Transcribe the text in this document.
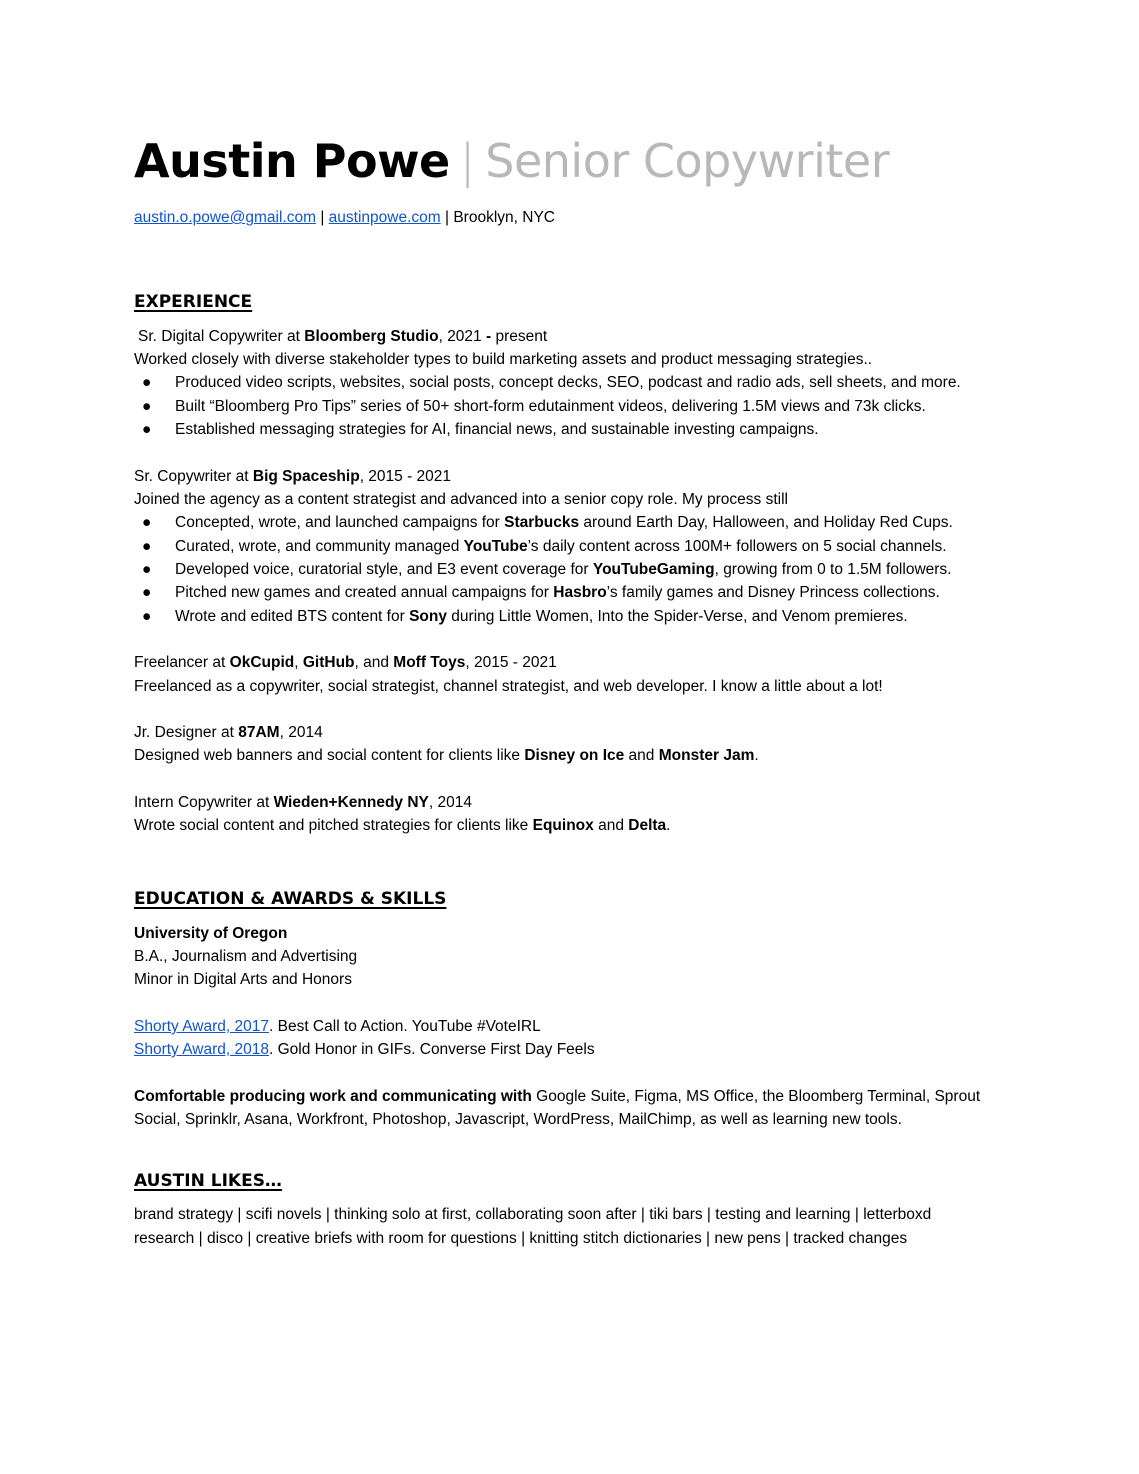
Austin Powe | Senior Copywriter
austin.o.powe@gmail.com | austinpowe.com | Brooklyn, NYC
EXPERIENCE
Sr. Digital Copywriter at Bloomberg Studio, 2021 - present
Worked closely with diverse stakeholder types to build marketing assets and product messaging strategies..
● Produced video scripts, websites, social posts, concept decks, SEO, podcast and radio ads, sell sheets, and more.
● Built “Bloomberg Pro Tips” series of 50+ short-form edutainment videos, delivering 1.5M views and 73k clicks.
● Established messaging strategies for AI, financial news, and sustainable investing campaigns.
Sr. Copywriter at Big Spaceship, 2015 - 2021
Joined the agency as a content strategist and advanced into a senior copy role. My process still
● Concepted, wrote, and launched campaigns for Starbucks around Earth Day, Halloween, and Holiday Red Cups.
● Curated, wrote, and community managed YouTube’s daily content across 100M+ followers on 5 social channels.
● Developed voice, curatorial style, and E3 event coverage for YouTubeGaming, growing from 0 to 1.5M followers.
● Pitched new games and created annual campaigns for Hasbro’s family games and Disney Princess collections.
● Wrote and edited BTS content for Sony during Little Women, Into the Spider-Verse, and Venom premieres.
Freelancer at OkCupid, GitHub, and Moff Toys, 2015 - 2021
Freelanced as a copywriter, social strategist, channel strategist, and web developer. I know a little about a lot!
Jr. Designer at 87AM, 2014
Designed web banners and social content for clients like Disney on Ice and Monster Jam.
Intern Copywriter at Wieden+Kennedy NY, 2014
Wrote social content and pitched strategies for clients like Equinox and Delta.
EDUCATION & AWARDS & SKILLS
University of Oregon
B.A., Journalism and Advertising
Minor in Digital Arts and Honors
Shorty Award, 2017. Best Call to Action. YouTube #VoteIRL
Shorty Award, 2018. Gold Honor in GIFs. Converse First Day Feels
Comfortable producing work and communicating with Google Suite, Figma, MS Office, the Bloomberg Terminal, Sprout
Social, Sprinklr, Asana, Workfront, Photoshop, Javascript, WordPress, MailChimp, as well as learning new tools.
AUSTIN LIKES…
brand strategy | scifi novels | thinking solo at first, collaborating soon after | tiki bars | testing and learning | letterboxd
research | disco | creative briefs with room for questions | knitting stitch dictionaries | new pens | tracked changes
